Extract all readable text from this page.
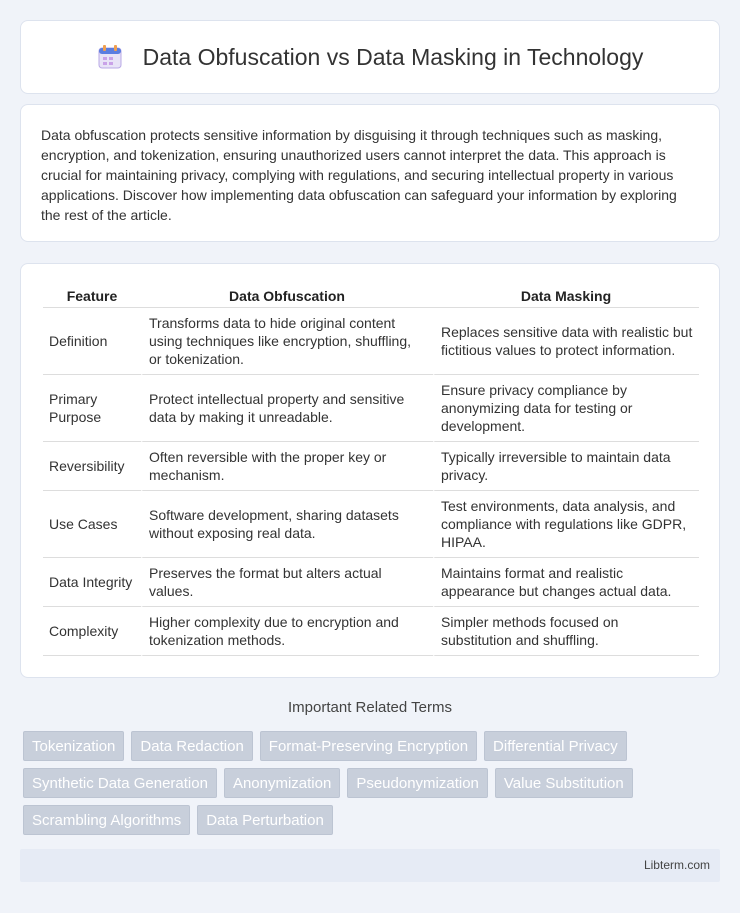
Data Obfuscation vs Data Masking in Technology

Data obfuscation protects sensitive information by disguising it through techniques such as masking, encryption, and tokenization, ensuring unauthorized users cannot interpret the data. This approach is crucial for maintaining privacy, complying with regulations, and securing intellectual property in various applications. Discover how implementing data obfuscation can safeguard your information by exploring the rest of the article.

Feature	Data Obfuscation	Data Masking
Definition	Transforms data to hide original content using techniques like encryption, shuffling, or tokenization.	Replaces sensitive data with realistic but fictitious values to protect information.
Primary Purpose	Protect intellectual property and sensitive data by making it unreadable.	Ensure privacy compliance by anonymizing data for testing or development.
Reversibility	Often reversible with the proper key or mechanism.	Typically irreversible to maintain data privacy.
Use Cases	Software development, sharing datasets without exposing real data.	Test environments, data analysis, and compliance with regulations like GDPR, HIPAA.
Data Integrity	Preserves the format but alters actual values.	Maintains format and realistic appearance but changes actual data.
Complexity	Higher complexity due to encryption and tokenization methods.	Simpler methods focused on substitution and shuffling.
Important Related Terms
Tokenization	Data Redaction	Format-Preserving Encryption	Differential Privacy
Synthetic Data Generation	Anonymization	Pseudonymization	Value Substitution
Scrambling Algorithms	Data Perturbation
Libterm.com
